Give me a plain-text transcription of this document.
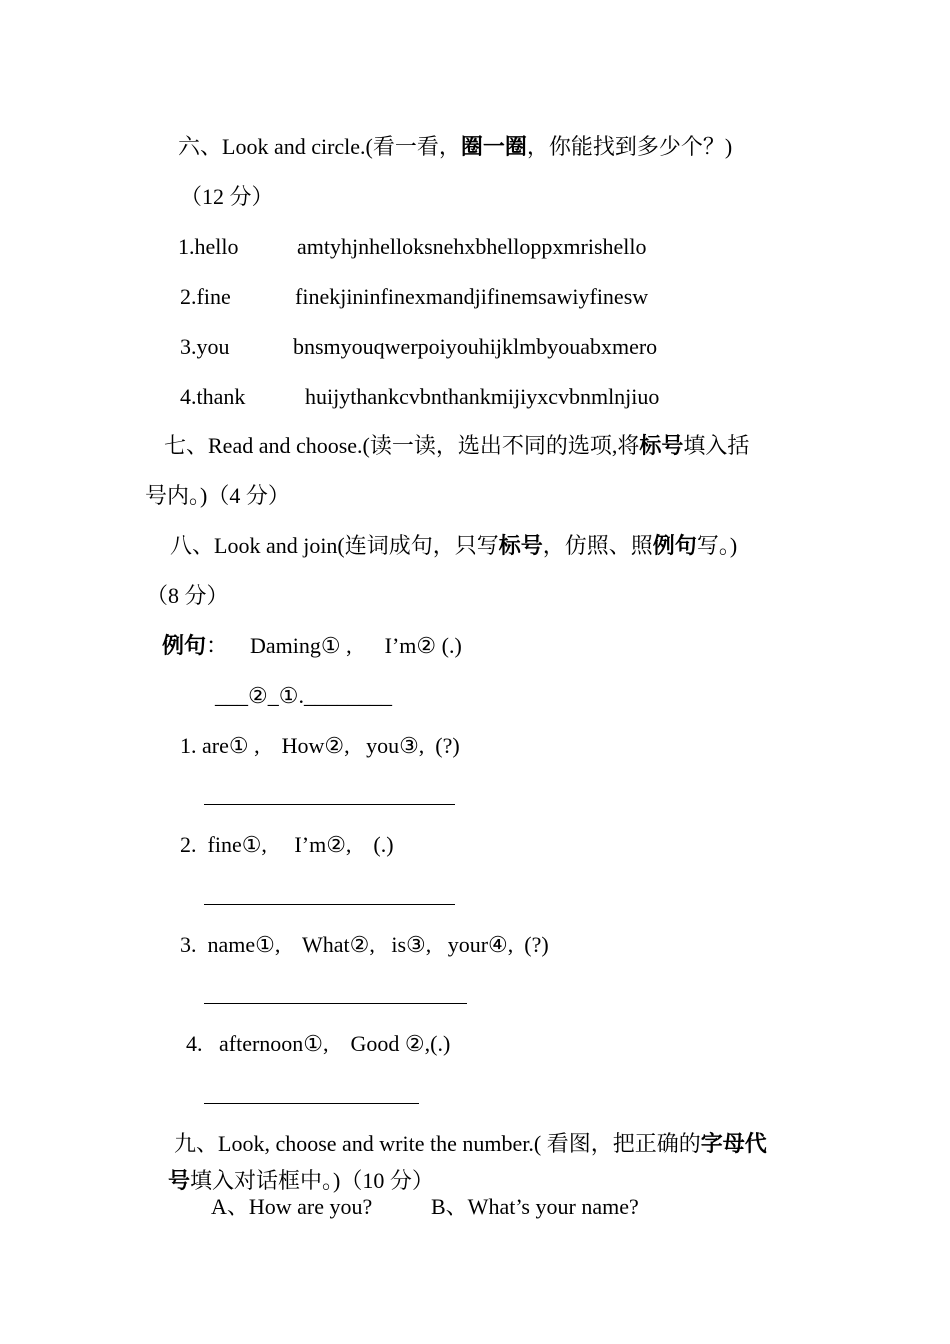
六、Look and circle.(看一看，圈一圈，你能找到多少个？)
（12 分）
1.hello	amtyhjnhelloksnehxbhelloppxmrishello
2.fine	finekjininfinexmandjifinemsawiyfinesw
3.you	bnsmyouqwerpoiyouhijklmbyouabxmero
4.thank	huijythankcvbnthankmijiyxcvbnmlnjiuo
七、Read and choose.(读一读，选出不同的选项,将标号填入括
号内。)（4 分）
八、Look and join(连词成句，只写标号，仿照、照例句写。)
（8 分）
例句： Daming① ,      I’m② (.)
___②_①.________
1. are① ,    How②,   you③,  (?)
2.  fine①,     I’m②,    (.)
3.  name①,    What②,   is③,   your④,  (?)
4.   afternoon①,    Good ②,(.)
九、Look, choose and write the number.( 看图，把正确的字母代
号填入对话框中。)（10 分）
A、How are you?	B、What’s your name?
